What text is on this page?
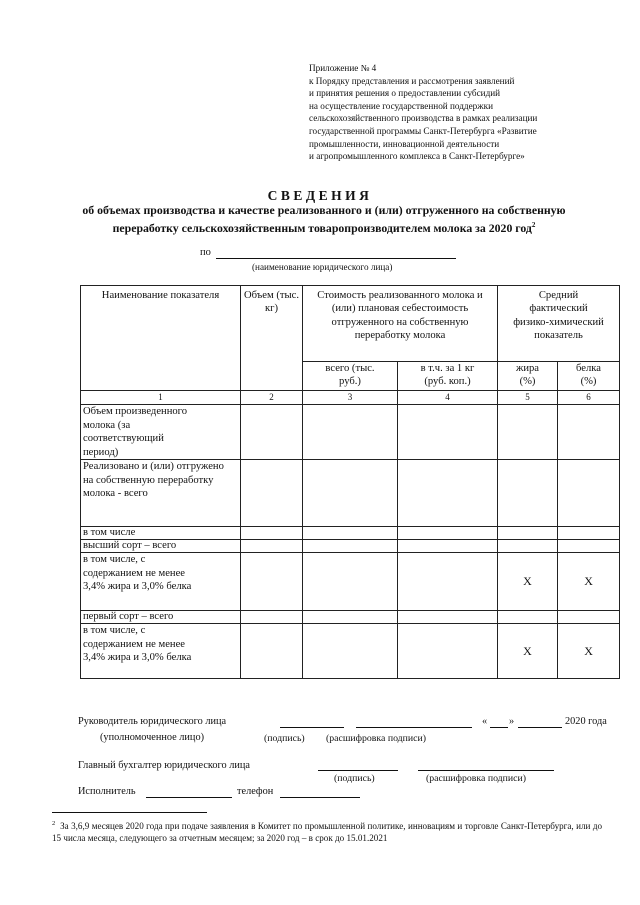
Приложение № 4
к Порядку представления и рассмотрения заявлений
и принятия решения о предоставлении субсидий
на осуществление государственной поддержки
сельскохозяйственного производства в рамках реализации
государственной программы Санкт-Петербурга «Развитие
промышленности, инновационной деятельности
и агропромышленного комплекса в Санкт-Петербурге»
СВЕДЕНИЯ
об объемах производства и качестве реализованного и (или) отгруженного на собственную
переработку сельскохозяйственным товаропроизводителем молока за 2020 год$^2$
по
(наименование юридического лица)
Наименование показателя	Объем (тыс. кг)	Стоимость реализованного молока и (или) плановая себестоимость отгруженного на собственную переработку молока		Средний фактический физико-химический показатель	
		всего (тыс. руб.)	в т.ч. за 1 кг (руб. коп.)	жира (%)	белка (%)
1	2	3	4	5	6
Объем произведенного молока (за соответствующий период)					
Реализовано и (или) отгружено на собственную переработку молока - всего					
в том числе					
высший сорт – всего					
в том числе, с содержанием не менее 3,4% жира и 3,0% белка				X	X
первый сорт – всего					
в том числе, с содержанием не менее 3,4% жира и 3,0% белка				X	X
Руководитель юридического лица	« »	2020 года
(уполномоченное лицо)	(подпись) (расшифровка подписи)
Главный бухгалтер юридического лица
(подпись)	(расшифровка подписи)
Исполнитель	телефон
$^2$ За 3,6,9 месяцев 2020 года при подаче заявления в Комитет по промышленной политике, инновациям и торговле Санкт-Петербурга, или до 15 числа месяца, следующего за отчетным месяцем; за 2020 год – в срок до 15.01.2021
